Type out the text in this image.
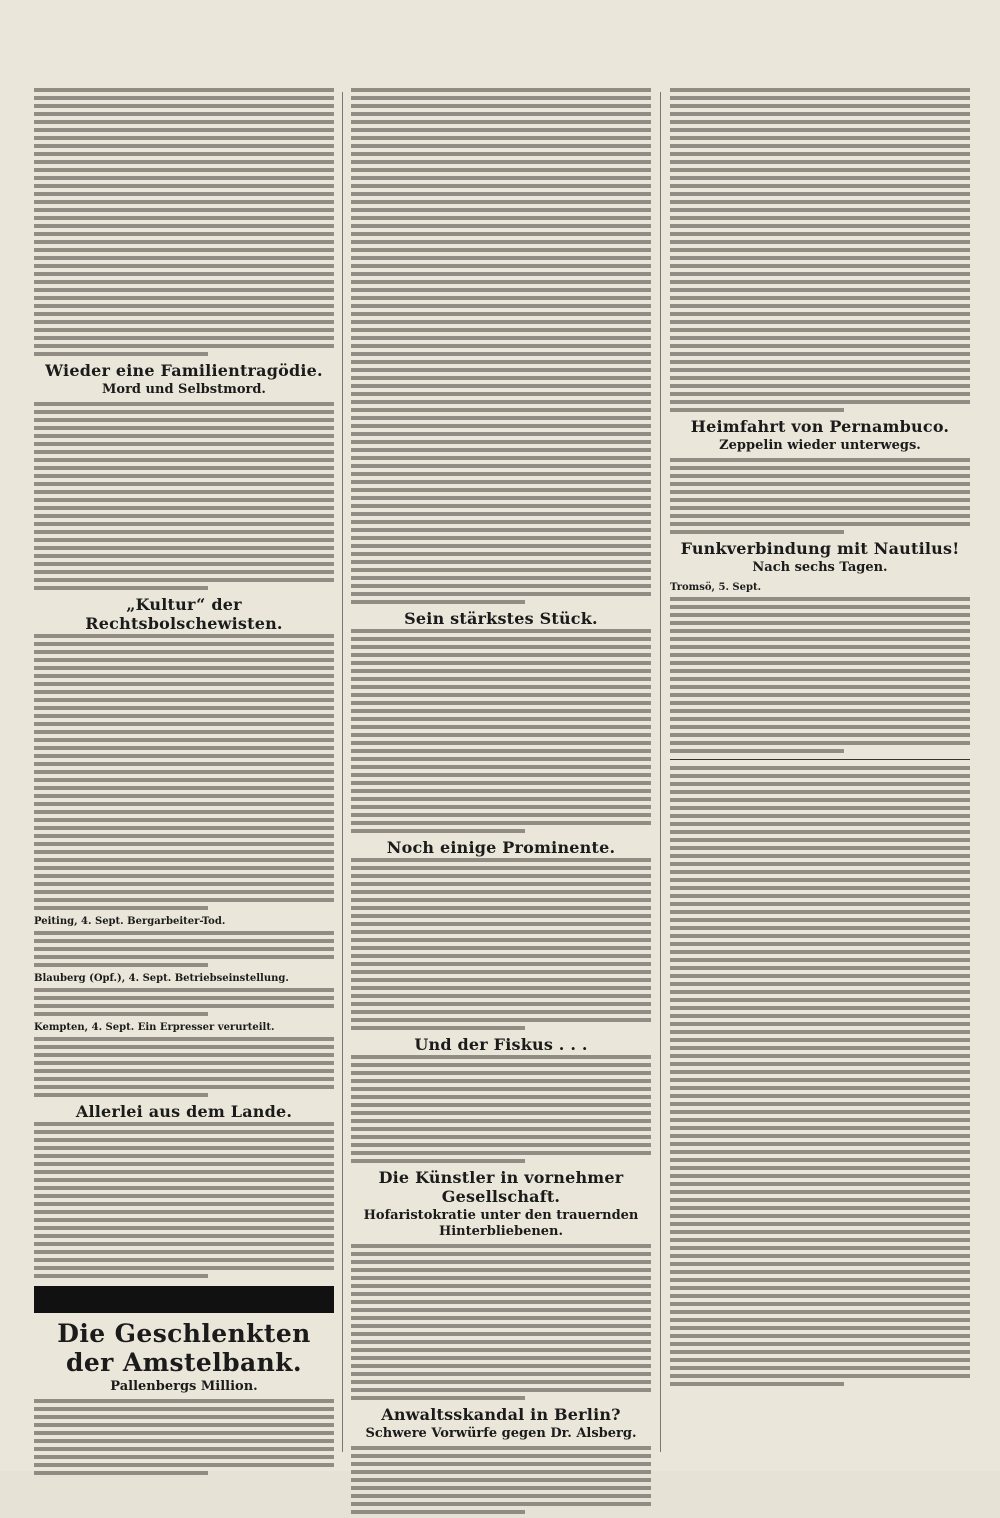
Wieder eine Familientragödie.
Mord und Selbstmord.
„Kultur“ der Rechtsbolschewisten.
Peiting, 4. Sept. Bergarbeiter-Tod.
Blauberg (Opf.), 4. Sept. Betriebseinstellung.
Kempten, 4. Sept. Ein Erpresser verurteilt.
Allerlei aus dem Lande.
Die Geschlenkten der Amstelbank.
Pallenbergs Million.
Sein stärkstes Stück.
Noch einige Prominente.
Und der Fiskus . . .
Die Künstler in vornehmer Gesellschaft.
Hofaristokratie unter den trauernden Hinterbliebenen.
Anwaltsskandal in Berlin?
Schwere Vorwürfe gegen Dr. Alsberg.
Heimfahrt von Pernambuco.
Zeppelin wieder unterwegs.
Funkverbindung mit Nautilus!
Nach sechs Tagen.
Tromsö, 5. Sept.
